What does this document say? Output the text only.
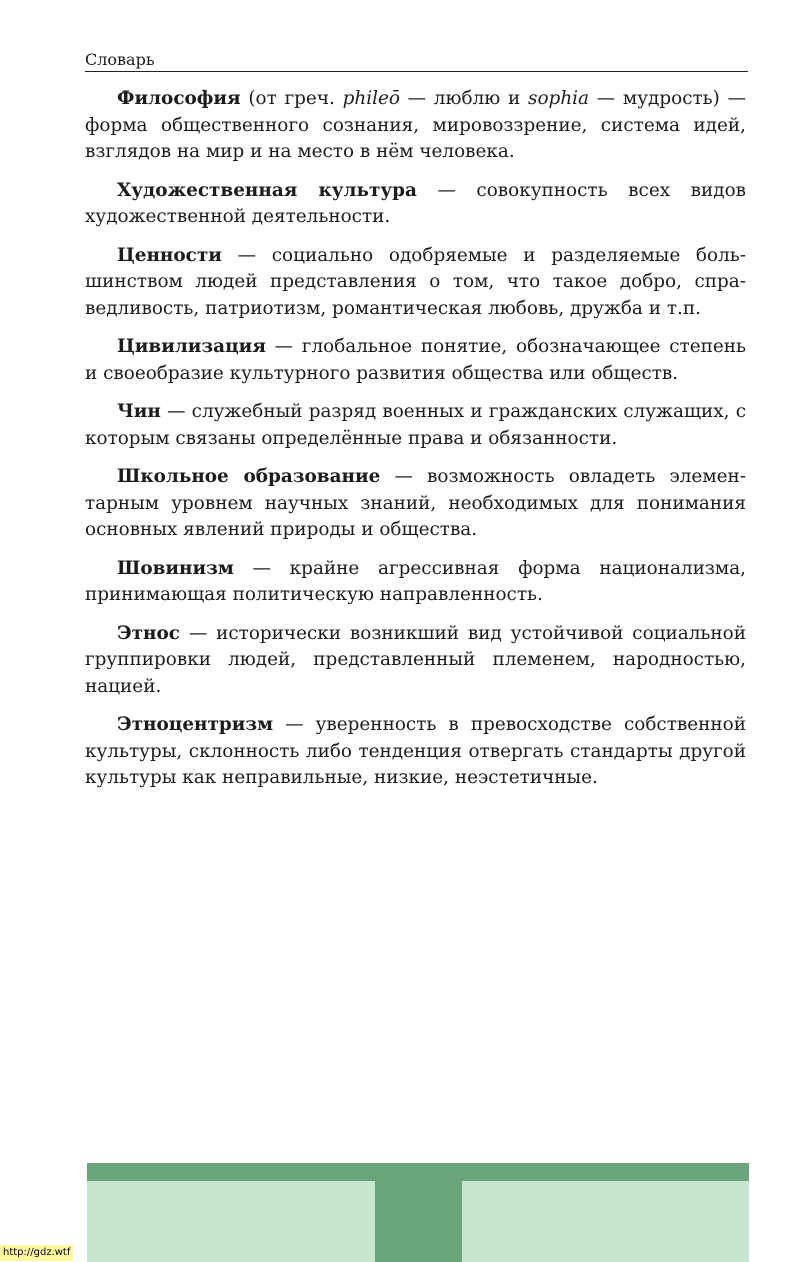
Словарь

Философия (от греч. phileō — люблю и sophia — мудрость) — форма общественного сознания, мировоззрение, система идей, взглядов на мир и на место в нём человека.

Художественная культура — совокупность всех видов художественной деятельности.

Ценности — социально одобряемые и разделяемые большинством людей представления о том, что такое добро, справедливость, патриотизм, романтическая любовь, дружба и т.п.

Цивилизация — глобальное понятие, обозначающее степень и своеобразие культурного развития общества или обществ.

Чин — служебный разряд военных и гражданских служащих, с которым связаны определённые права и обязанности.

Школьное образование — возможность овладеть элементарным уровнем научных знаний, необходимых для понимания основных явлений природы и общества.

Шовинизм — крайне агрессивная форма национализма, принимающая политическую направленность.

Этнос — исторически возникший вид устойчивой социальной группировки людей, представленный племенем, народностью, нацией.

Этноцентризм — уверенность в превосходстве собственной культуры, склонность либо тенденция отвергать стандарты другой культуры как неправильные, низкие, неэстетичные.

http://gdz.wtf
